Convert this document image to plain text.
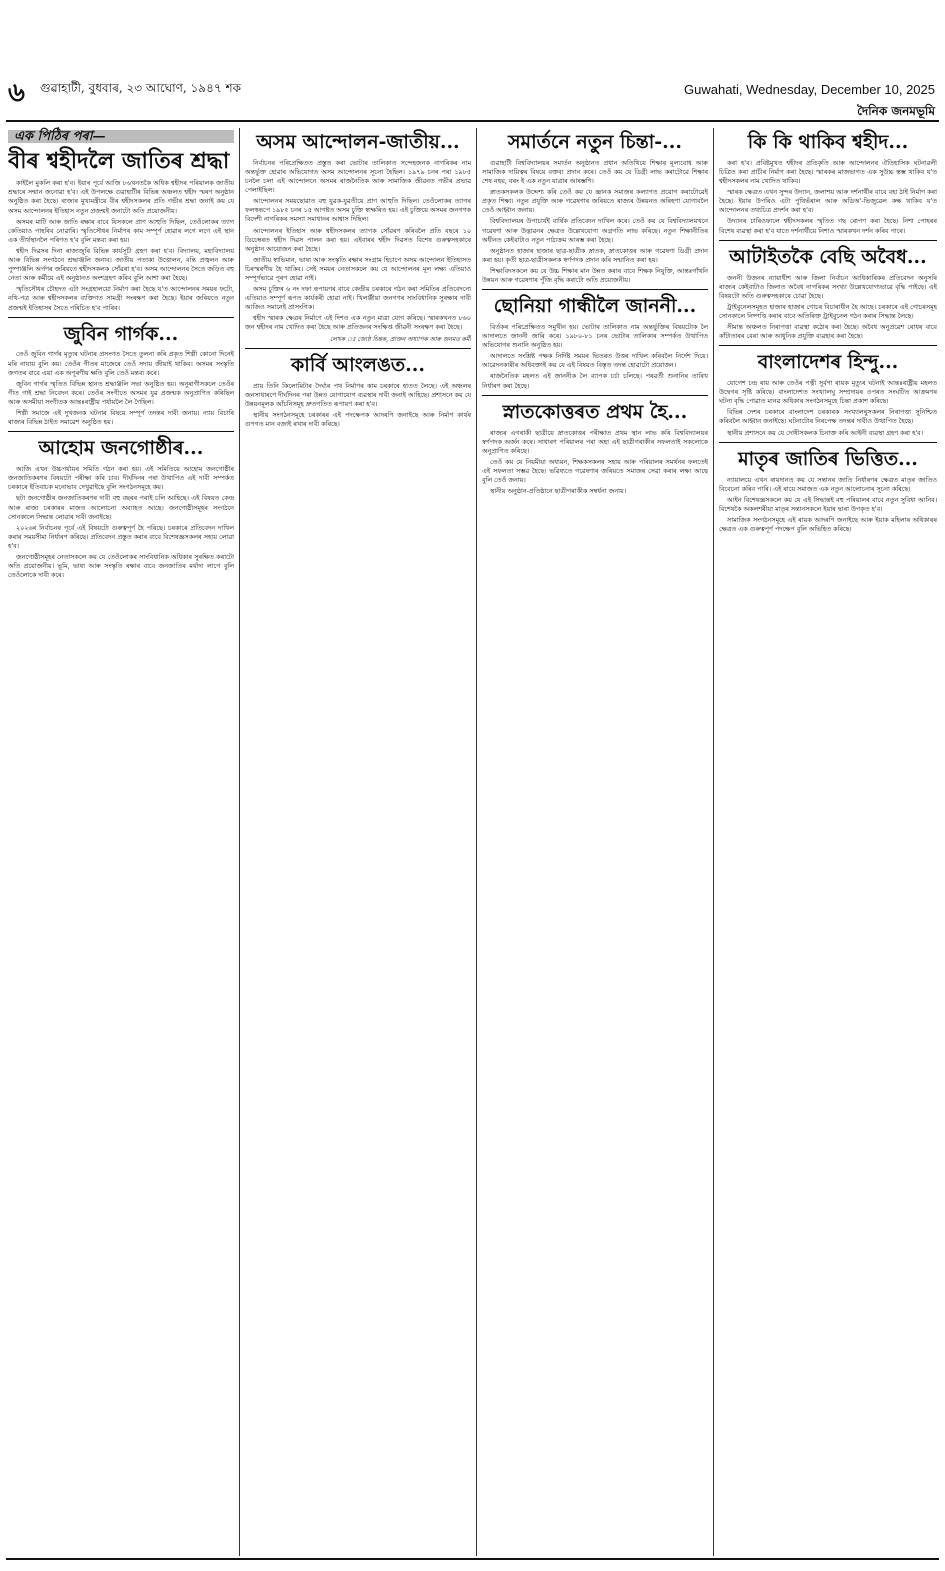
৬ গুৱাহাটী, বুধবাৰ, ২৩ আঘোণ, ১৯৪৭ শক	Guwahati, Wednesday, December 10, 2025
দৈনিক জনমভূমি
এক পিঠিৰ পৰা—
বীৰ শ্বহীদলৈ জাতিৰ শ্ৰদ্ধা

কাইলৈ মুকলি কৰা হ'ব। ইয়াৰ পূৰ্বে আজি ৮৬খনতকৈ অধিক শ্বহীদৰ পৰিয়ালক জাতীয় শ্ৰদ্ধাৰে সন্মান জনোৱা হ'ব। এই উপলক্ষে গুৱাহাটীৰ বিভিন্ন অঞ্চলত শ্বহীদ স্মৰণ অনুষ্ঠান অনুষ্ঠিত কৰা হৈছে। ৰাজ্যৰ মুখ্যমন্ত্ৰীয়ে বীৰ শ্বহীদসকলৰ প্ৰতি গভীৰ শ্ৰদ্ধা জনাই কয় যে অসম আন্দোলনৰ ইতিহাস নতুন প্ৰজন্মই জনাটো অতি প্ৰয়োজনীয়।

অসমৰ মাটি আৰু জাতি ৰক্ষাৰ বাবে যিসকলে প্ৰাণ আহুতি দিছিল, তেওঁলোকৰ ত্যাগ কেতিয়াও পাহৰিব নোৱাৰি। স্মৃতিসৌধৰ নিৰ্মাণৰ কাম সম্পূৰ্ণ হোৱাৰ লগে লগে এই স্থান এক তীৰ্থস্থানলৈ পৰিণত হ'ব বুলি মন্তব্য কৰা হয়।

শ্বহীদ দিৱসৰ দিনা ৰাজ্যজুৰি বিভিন্ন কাৰ্যসূচী গ্ৰহণ কৰা হ'ব। বিদ্যালয়, মহাবিদ্যালয় আৰু বিভিন্ন সংগঠনে শ্ৰদ্ধাঞ্জলি জনাব। জাতীয় পতাকা উত্তোলন, বন্তি প্ৰজ্বলন আৰু পুষ্পাঞ্জলি অৰ্পণৰ জৰিয়তে শ্বহীদসকলক সোঁৱৰা হ'ব। অসম আন্দোলনৰ সৈতে জড়িত বহু নেতা আৰু কৰ্মীয়ে এই অনুষ্ঠানত অংশগ্ৰহণ কৰিব বুলি আশা কৰা হৈছে।

স্মৃতিসৌধৰ চৌহদত এটা সংগ্ৰহালয়ো নিৰ্মাণ কৰা হৈছে য'ত আন্দোলনৰ সময়ৰ ফটো, নথি-পত্ৰ আৰু শ্বহীদসকলৰ ব্যক্তিগত সামগ্ৰী সংৰক্ষণ কৰা হৈছে। ইয়াৰ জৰিয়তে নতুন প্ৰজন্মই ইতিহাসৰ সৈতে পৰিচিত হ'ব পাৰিব।

জুবিন গাৰ্গক...

তেওঁ জুবিন গাৰ্গৰ মৃত্যুৰ ঘটনাৰ প্ৰসংগত সৈতে তুলনা কৰি প্ৰকৃত শিল্পী কোনো দিনেই মৰি নাযায় বুলি কয়। তেওঁৰ গীতৰ মাজেৰে তেওঁ সদায় জীয়াই থাকিব। অসমৰ সংস্কৃতি জগতৰ বাবে এয়া এক অপূৰণীয় ক্ষতি বুলি তেওঁ মন্তব্য কৰে।

জুবিন গাৰ্গৰ স্মৃতিত বিভিন্ন স্থানত শ্ৰদ্ধাঞ্জলি সভা অনুষ্ঠিত হয়। অনুৰাগীসকলে তেওঁৰ গীত গাই শ্ৰদ্ধা নিবেদন কৰে। তেওঁৰ সংগীতে অসমৰ যুৱ প্ৰজন্মক অনুপ্ৰাণিত কৰিছিল আৰু অসমীয়া সংগীতক আন্তঃৰাষ্ট্ৰীয় পৰ্যায়লৈ লৈ গৈছিল।

শিল্পী সমাজে এই দুখজনক ঘটনাৰ বিষয়ে সম্পূৰ্ণ তদন্তৰ দাবী জনায়। ন্যায় বিচাৰি ৰাজ্যৰ বিভিন্ন ঠাইত সমাৱেশ অনুষ্ঠিত হয়।

আহোম জনগোষ্ঠীৰ...

আজি এখন উচ্চপৰ্যায়ৰ সমিতি গঠন কৰা হয়। এই সমিতিয়ে আহোম জনগোষ্ঠীৰ জনজাতিকৰণৰ বিষয়টো পৰীক্ষা কৰি চাব। দীৰ্ঘদিনৰ পৰা উত্থাপিত এই দাবী সম্পৰ্কত চৰকাৰে ইতিবাচক মনোভাব দেখুৱাইছে বুলি সংগঠনসমূহে কয়।

ছটা জনগোষ্ঠীৰ জনজাতিকৰণৰ দাবী বহু বছৰৰ পৰাই চলি আহিছে। এই বিষয়ত কেন্দ্ৰ আৰু ৰাজ্য চৰকাৰৰ মাজত আলোচনা অব্যাহত আছে। জনগোষ্ঠীসমূহৰ সংগঠনে সোনকালে সিদ্ধান্ত লোৱাৰ দাবী জনাইছে।

২০২৬ৰ নিৰ্বাচনৰ পূৰ্বে এই বিষয়টো গুৰুত্বপূৰ্ণ হৈ পৰিছে। চৰকাৰে প্ৰতিবেদন দাখিল কৰাৰ সময়সীমা নিৰ্ধাৰণ কৰিছে। প্ৰতিবেদন প্ৰস্তুত কৰাৰ বাবে বিশেষজ্ঞসকলৰ সহায় লোৱা হ'ব।

জনগোষ্ঠীসমূহৰ নেতাসকলে কয় যে তেওঁলোকৰ সাংবিধানিক অধিকাৰ সুৰক্ষিত কৰাটো অতি প্ৰয়োজনীয়। ভূমি, ভাষা আৰু সংস্কৃতি ৰক্ষাৰ বাবে জনজাতিৰ মৰ্যাদা লাগে বুলি তেওঁলোকে দাবী কৰে।

অসম আন্দোলন-জাতীয়...

নিৰ্বাচনৰ পৰিপ্ৰেক্ষিতত প্ৰস্তুত কৰা ভোটাৰ তালিকাত সন্দেহজনক নাগৰিকৰ নাম অন্তৰ্ভুক্ত হোৱাৰ অভিযোগত অসম আন্দোলনৰ সূচনা হৈছিল। ১৯৭৯ চনৰ পৰা ১৯৮৫ চনলৈ চলা এই আন্দোলনে অসমৰ ৰাজনৈতিক আৰু সামাজিক জীৱনত গভীৰ প্ৰভাৱ পেলাইছিল।

আন্দোলনৰ সময়ছোৱাত বহু যুৱক-যুৱতীয়ে প্ৰাণ আহুতি দিছিল। তেওঁলোকৰ ত্যাগৰ ফলস্বৰূপে ১৯৮৫ চনৰ ১৫ আগষ্টত অসম চুক্তি স্বাক্ষৰিত হয়। এই চুক্তিয়ে অসমৰ জনগণক বিদেশী নাগৰিকৰ সমস্যা সমাধানৰ আশ্বাস দিছিল।

আন্দোলনৰ ইতিহাস আৰু শ্বহীদসকলৰ ত্যাগক সোঁৱৰণ কৰিবলৈ প্ৰতি বছৰে ১০ ডিচেম্বৰত শ্বহীদ দিৱস পালন কৰা হয়। এইবাৰৰ শ্বহীদ দিৱসত বিশেষ গুৰুত্বসহকাৰে অনুষ্ঠান আয়োজন কৰা হৈছে।

জাতীয় স্বাভিমান, ভাষা আৰু সংস্কৃতি ৰক্ষাৰ সংগ্ৰাম হিচাপে অসম আন্দোলন ইতিহাসত চিৰস্মৰণীয় হৈ থাকিব। সেই সময়ৰ নেতাসকলে কয় যে আন্দোলনৰ মূল লক্ষ্য এতিয়াও সম্পূৰ্ণভাৱে পূৰণ হোৱা নাই।

অসম চুক্তিৰ ৬ নং দফা ৰূপায়ণৰ বাবে কেন্দ্ৰীয় চৰকাৰে গঠন কৰা সমিতিৰ প্ৰতিবেদনো এতিয়াও সম্পূৰ্ণ ৰূপত কাৰ্যকৰী হোৱা নাই। খিলঞ্জীয়া জনগণৰ সাংবিধানিক সুৰক্ষাৰ দাবী আজিও সমানেই প্ৰাসংগিক।

শ্বহীদ স্মাৰক ক্ষেত্ৰৰ নিৰ্মাণে এই দিশত এক নতুন মাত্ৰা যোগ কৰিছে। স্মাৰকখনত ৮৬০ জন শ্বহীদৰ নাম খোদিত কৰা হৈছে আৰু প্ৰতিজনৰ সংক্ষিপ্ত জীৱনী সংৰক্ষণ কৰা হৈছে।

লেখক ঃ জ্যেষ্ঠ চিন্তক, প্ৰাক্তন অধ্যাপক আৰু জনমত কৰ্মী
কাৰ্বি আংলঙত...

প্ৰায় তিনি কিলোমিটাৰ দৈৰ্ঘ্যৰ পথ নিৰ্মাণৰ কাম চৰকাৰে হাতত লৈছে। এই অঞ্চলৰ জনসাধাৰণে দীৰ্ঘদিনৰ পৰা উন্নত যোগাযোগ ব্যৱস্থাৰ দাবী জনাই আহিছে। প্ৰশাসনে কয় যে উন্নয়নমূলক আঁচনিসমূহ দ্ৰুতগতিত ৰূপায়ণ কৰা হ'ব।

স্থানীয় সংগঠনসমূহে চৰকাৰৰ এই পদক্ষেপক আদৰণি জনাইছে আৰু নিৰ্মাণ কাৰ্যৰ গুণগত মান বজাই ৰখাৰ দাবী কৰিছে।

সমাৰ্তনে নতুন চিন্তা-...

গুৱাহাটী বিশ্ববিদ্যালয়ৰ সমাৰ্তন অনুষ্ঠানত প্ৰধান অতিথিয়ে শিক্ষাৰ মূল্যবোধ আৰু সামাজিক দায়িত্বৰ বিষয়ে বক্তব্য প্ৰদান কৰে। তেওঁ কয় যে ডিগ্ৰী লাভ কৰাটোৱে শিক্ষাৰ শেষ নহয়, বৰং ই এক নতুন যাত্ৰাৰ আৰম্ভণি।

স্নাতকসকলক উদ্দেশ্য কৰি তেওঁ কয় যে জ্ঞানক সমাজৰ কল্যাণত প্ৰয়োগ কৰাটোৱেই প্ৰকৃত শিক্ষা। নতুন প্ৰযুক্তি আৰু গৱেষণাৰ জৰিয়তে ৰাজ্যৰ উন্নয়নত অৰিহণা যোগাবলৈ তেওঁ আহ্বান জনায়।

বিশ্ববিদ্যালয়ৰ উপাচাৰ্যই বাৰ্ষিক প্ৰতিবেদন দাখিল কৰে। তেওঁ কয় যে বিশ্ববিদ্যালয়খনে গৱেষণা আৰু উদ্ভাৱনৰ ক্ষেত্ৰত উল্লেখযোগ্য অগ্ৰগতি লাভ কৰিছে। নতুন শিক্ষানীতিৰ অধীনত কেইবাটাও নতুন পাঠ্যক্ৰম আৰম্ভ কৰা হৈছে।

অনুষ্ঠানত হাজাৰ হাজাৰ ছাত্ৰ-ছাত্ৰীক স্নাতক, স্নাতকোত্তৰ আৰু গৱেষণা ডিগ্ৰী প্ৰদান কৰা হয়। কৃতী ছাত্ৰ-ছাত্ৰীসকলক স্বৰ্ণপদক প্ৰদান কৰি সন্মানিত কৰা হয়।

শিক্ষাবিদসকলে কয় যে উচ্চ শিক্ষাৰ মান উন্নত কৰাৰ বাবে শিক্ষক নিযুক্তি, আন্তঃগাঁথনি উন্নয়ন আৰু গৱেষণাৰ পুঁজি বৃদ্ধি কৰাটো অতি প্ৰয়োজনীয়।

ছোনিয়া গান্ধীলৈ জাননী...

বিৰ্তকৰ পৰিপ্ৰেক্ষিতত সমুখীন হয়। ভোটাৰ তালিকাত নাম অন্তৰ্ভুক্তিৰ বিষয়টোক লৈ আদালতে জাননী জাৰি কৰে। ১৯৮০-৮১ চনৰ ভোটাৰ তালিকাৰ সম্পৰ্কত উত্থাপিত অভিযোগৰ শুনানি অনুষ্ঠিত হয়।

আদালতে সংশ্লিষ্ট পক্ষক নিৰ্দিষ্ট সময়ৰ ভিতৰত উত্তৰ দাখিল কৰিবলৈ নিৰ্দেশ দিয়ে। আৱেদনকাৰীৰ অধিবক্তাই কয় যে এই বিষয়ত বিস্তৃত তদন্ত হোৱাটো প্ৰয়োজন।

ৰাজনৈতিক মহলত এই জাননীক লৈ ব্যাপক চৰ্চা চলিছে। পৰৱৰ্তী শুনানিৰ তাৰিখ নিৰ্ধাৰণ কৰা হৈছে।

স্নাতকোত্তৰত প্ৰথম হৈ...

ৰাজ্যৰ এগৰাকী ছাত্ৰীয়ে স্নাতকোত্তৰ পৰীক্ষাত প্ৰথম স্থান লাভ কৰি বিশ্ববিদ্যালয়ৰ স্বৰ্ণপদক অৰ্জন কৰে। সাধাৰণ পৰিয়ালৰ পৰা অহা এই ছাত্ৰীগৰাকীৰ সফলতাই সকলোকে অনুপ্ৰাণিত কৰিছে।

তেওঁ কয় যে নিয়মীয়া অধ্যয়ন, শিক্ষকসকলৰ সহায় আৰু পৰিয়ালৰ সমৰ্থনৰ ফলতেই এই সফলতা সম্ভৱ হৈছে। ভৱিষ্যতে গৱেষণাৰ জৰিয়তে সমাজৰ সেৱা কৰাৰ লক্ষ্য আছে বুলি তেওঁ জনায়।

স্থানীয় অনুষ্ঠান-প্ৰতিষ্ঠানে ছাত্ৰীগৰাকীক সম্বৰ্ধনা জনায়।

কি কি থাকিব শ্বহীদ...

কৰা হ'ব। প্ৰবিষ্টমুখত শ্বহীদৰ প্ৰতিকৃতি আৰু আন্দোলনৰ ঐতিহাসিক ঘটনাৱলী চিত্ৰিত কৰা প্ৰাচীৰ নিৰ্মাণ কৰা হৈছে। স্মাৰকৰ মাজভাগত এক সুউচ্চ স্তম্ভ থাকিব য'ত শ্বহীদসকলৰ নাম খোদিত থাকিব।

স্মাৰক ক্ষেত্ৰত এখন সুন্দৰ উদ্যান, জলাশয় আৰু দৰ্শনাৰ্থীৰ বাবে বহা ঠাই নিৰ্মাণ কৰা হৈছে। ইয়াৰ উপৰিও এটা পুথিভঁৰাল আৰু অডিঅ'-ভিজুৱেল কক্ষ থাকিব য'ত আন্দোলনৰ তথ্যচিত্ৰ প্ৰদৰ্শন কৰা হ'ব।

উদ্যানৰ চাৰিওফালে শ্বহীদসকলৰ স্মৃতিত গছ ৰোপণ কৰা হৈছে। নিশা পোহৰৰ বিশেষ ব্যৱস্থা কৰা হ'ব যাতে দৰ্শনাৰ্থীয়ে নিশাও স্মাৰকখন দৰ্শন কৰিব পাৰে।

আটাইতকৈ বেছি অবৈধ...

জননী উজনৰ ন্যায়াধীশ আৰু জিলা নিৰ্বাচন আধিকাৰিকৰ প্ৰতিবেদন অনুসৰি ৰাজ্যৰ কেইবাটাও জিলাত অবৈধ নাগৰিকৰ সংখ্যা উল্লেখযোগ্যভাৱে বৃদ্ধি পাইছে। এই বিষয়টো অতি গুৰুত্বসহকাৰে চোৱা হৈছে।

ট্ৰাইবুনেলসমূহত হাজাৰ হাজাৰ গোচৰ বিচাৰাধীন হৈ আছে। চৰকাৰে এই গোচৰসমূহ সোনকালে নিষ্পত্তি কৰাৰ বাবে অতিৰিক্ত ট্ৰাইবুনেল গঠন কৰাৰ সিদ্ধান্ত লৈছে।

সীমান্ত অঞ্চলত নিৰাপত্তা ব্যৱস্থা কঠোৰ কৰা হৈছে। অবৈধ অনুপ্ৰৱেশ ৰোধৰ বাবে কাঁটাতাৰৰ বেৰা আৰু আধুনিক প্ৰযুক্তি ব্যৱহাৰ কৰা হৈছে।

বাংলাদেশৰ হিন্দু...

যোগেশ চন্দ্ৰ ৰায় আৰু তেওঁৰ পত্নী সুৰ্বণা ৰায়ক মৃত্যুৰ ঘটনাই আন্তঃৰাষ্ট্ৰীয় মহলত উদ্বেগৰ সৃষ্টি কৰিছে। বাংলাদেশত সংখ্যালঘু সম্প্ৰদায়ৰ ওপৰত সংঘটিত আক্ৰমণৰ ঘটনা বৃদ্ধি পোৱাত মানৱ অধিকাৰ সংগঠনসমূহে চিন্তা প্ৰকাশ কৰিছে।

বিভিন্ন দেশৰ চৰকাৰে বাংলাদেশ চৰকাৰক সংখ্যালঘুসকলৰ নিৰাপত্তা সুনিশ্চিত কৰিবলৈ আহ্বান জনাইছে। ঘটনাটোৰ নিৰপেক্ষ তদন্তৰ দাবীও উত্থাপিত হৈছে।

স্থানীয় প্ৰশাসনে কয় যে দোষীসকলক চিনাক্ত কৰি আইনী ব্যৱস্থা গ্ৰহণ কৰা হ'ব।

মাতৃৰ জাতিৰ ভিত্তিত...

ন্যায়ালয়ে এখন ৰায়দানত কয় যে সন্তানৰ জাতি নিৰ্ধাৰণৰ ক্ষেত্ৰত মাতৃৰ জাতিও বিবেচনা কৰিব পাৰি। এই ৰায়ে সমাজত এক নতুন আলোচনাৰ সূচনা কৰিছে।

আইন বিশেষজ্ঞসকলে কয় যে এই সিদ্ধান্তই বহু পৰিয়ালৰ বাবে নতুন সুবিধা আনিব। বিশেষকৈ অকলশৰীয়া মাতৃৰ সন্তানসকলে ইয়াৰ দ্বাৰা উপকৃত হ'ব।

সামাজিক সংগঠনসমূহে এই ৰায়ক আদৰণি জনাইছে আৰু ইয়াক মহিলাৰ অধিকাৰৰ ক্ষেত্ৰত এক গুৰুত্বপূৰ্ণ পদক্ষেপ বুলি অভিহিত কৰিছে।
